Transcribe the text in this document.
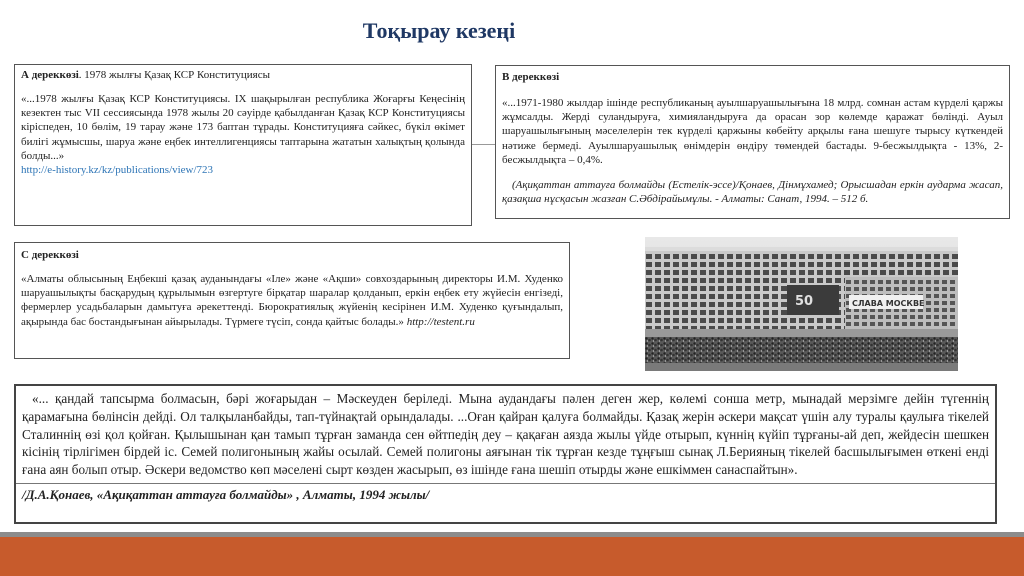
Тоқырау кезеңі
А дереккөзі. 1978 жылғы Қазақ КСР Конституциясы

«...1978 жылғы Қазақ КСР Конституциясы. IX шақырылған республика Жоғарғы Кеңесінің кезектен тыс VII сессиясында 1978 жылы 20 сәуірде қабылданған Қазақ КСР Конституциясы кіріспеден, 10 бөлім, 19 тарау және 173 баптан тұрады. Конституцияға сәйкес, бүкіл өкімет билігі жұмысшы, шаруа және еңбек интеллигенциясы таптарына жататын халықтың қолында болды...»

http://e-history.kz/kz/publications/view/723

В дереккөзі

«...1971-1980 жылдар ішінде республиканың ауылшаруашылығына 18 млрд. сомнан астам күрделі қаржы жұмсалды. Жерді суландыруға, химияландыруға да орасан зор көлемде қаражат бөлінді. Ауыл шаруашылығының мәселелерін тек күрделі қаржыны көбейту арқылы ғана шешуге тырысу күткендей нәтиже бермеді. Ауылшаруашылық өнімдерін өндіру төмендей бастады. 9-бесжылдықта - 13%, 2- бесжылдықта – 0,4%.

(Ақиқаттан аттауға болмайды (Естелік-эссе)/Қонаев, Дінмұхамед; Орысшадан еркін аударма жасап, қазақша нұсқасын жазған С.Әбдірайымұлы. - Алматы: Санат, 1994. – 512 б.

С дереккөзі

«Алматы облысының Еңбекші қазақ ауданындағы «Іле» және «Ақши» совхоздарының директоры И.М. Худенко шаруашылықты басқарудың құрылымын өзгертуге бірқатар шаралар қолданып, еркін еңбек ету жүйесін енгізеді, фермерлер усадьбаларын дамытуға әрекеттенді. Бюрократиялық жүйенің кесірінен И.М. Худенко қуғындалып, ақырында бас бостандығынан айырылады. Түрмеге түсіп, сонда қайтыс болады.» http://testent.ru

50	СЛАВА МОСКВЕ

«... қандай тапсырма болмасын, бәрі жоғарыдан – Мәскеуден беріледі. Мына аудандағы пәлен деген жер, көлемі сонша метр, мынадай мерзімге дейін түгеннің қарамағына бөлінсін дейді. Ол талқыланбайды, тап-түйнақтай орындалады. ...Оған қайран қалуға болмайды. Қазақ жерін әскери мақсат үшін алу туралы қаулыға тікелей Сталиннің өзі қол қойған. Қылышынан қан тамып тұрған заманда сен өйтпедің деу – қақаған аязда жылы үйде отырып, күннің күйіп тұрғаны-ай деп, жейдесін шешкен кісінің тірлігімен бірдей іс. Семей полигонының жайы осылай. Семей полигоны аяғынан тік тұрған кезде тұңғыш сынақ Л.Берияның тікелей басшылығымен өткені енді ғана аян болып отыр. Әскери ведомство көп мәселені сырт көзден жасырып, өз ішінде ғана шешіп отырды және ешкіммен санаспайтын».

/Д.А.Қонаев, «Ақиқаттан аттауға болмайды» , Алматы, 1994 жылы/
